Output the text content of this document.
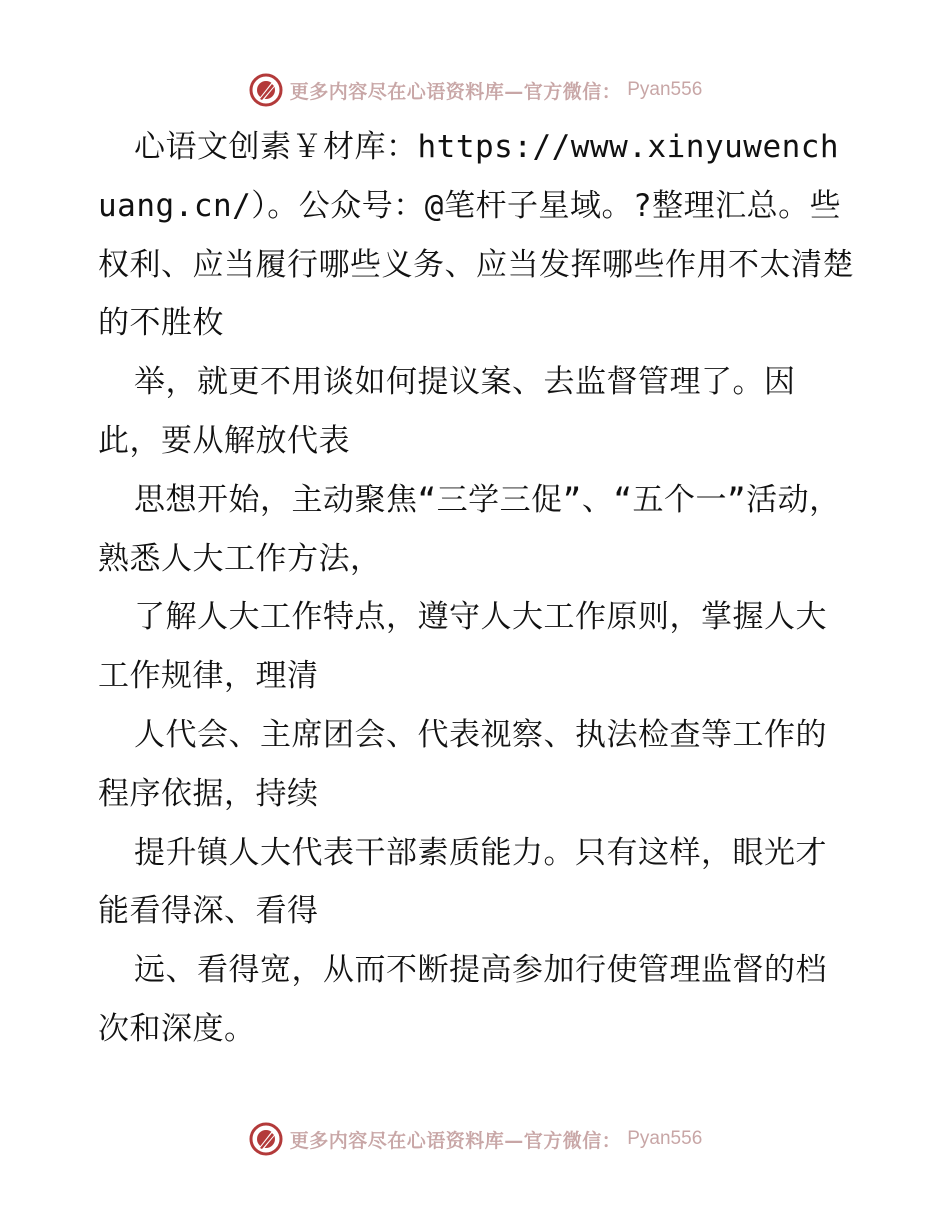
更多内容尽在心语资料库—官方微信： Pyan556

心语文创素￥材库：https://www.xinyuwenchuang.cn/）。公众号：@笔杆子星域。?整理汇总。些权利、应当履行哪些义务、应当发挥哪些作用不太清楚的不胜枚

举，就更不用谈如何提议案、去监督管理了。因此，要从解放代表

思想开始，主动聚焦“三学三促”、“五个一”活动，熟悉人大工作方法，

了解人大工作特点，遵守人大工作原则，掌握人大工作规律，理清

人代会、主席团会、代表视察、执法检查等工作的程序依据，持续

提升镇人大代表干部素质能力。只有这样，眼光才能看得深、看得

远、看得宽，从而不断提高参加行使管理监督的档次和深度。

更多内容尽在心语资料库—官方微信： Pyan556
